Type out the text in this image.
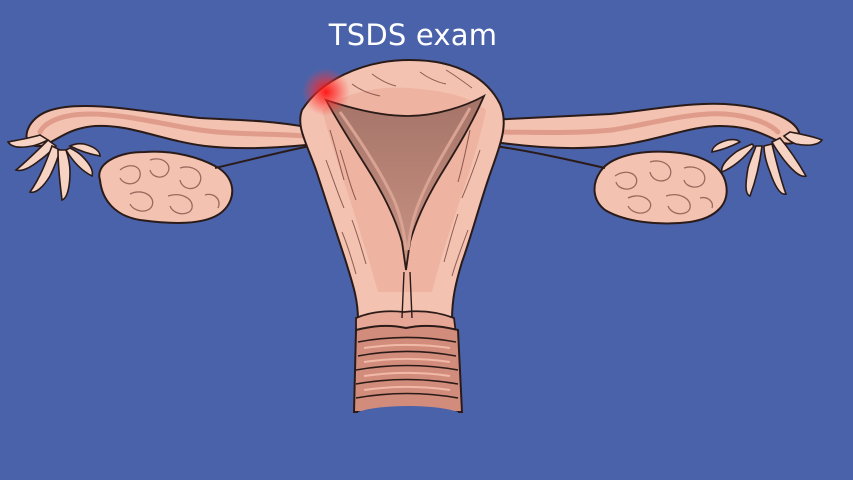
TSDS exam
